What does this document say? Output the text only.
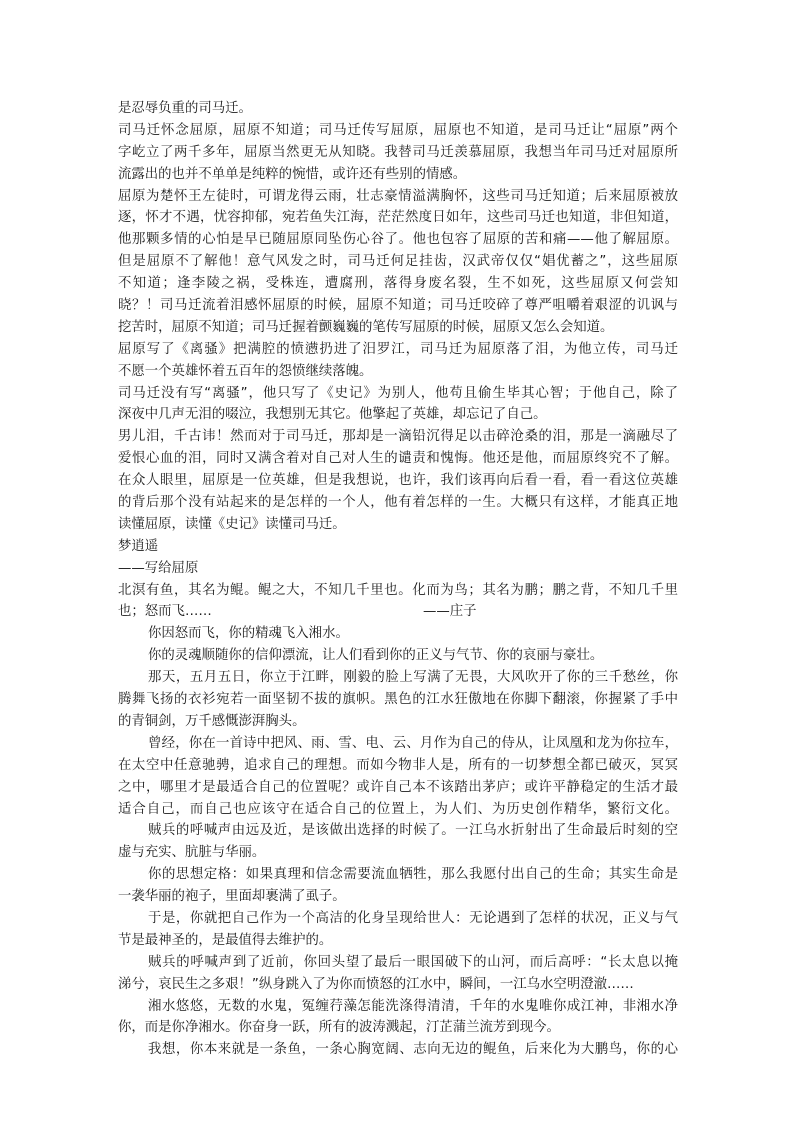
是忍辱负重的司马迁。
司马迁怀念屈原，屈原不知道；司马迁传写屈原，屈原也不知道，是司马迁让“屈原”两个
字屹立了两千多年，屈原当然更无从知晓。我替司马迁羡慕屈原，我想当年司马迁对屈原所
流露出的也并不单单是纯粹的惋惜，或许还有些别的情感。
屈原为楚怀王左徒时，可谓龙得云雨，壮志豪情溢满胸怀，这些司马迁知道；后来屈原被放
逐，怀才不遇，忧容抑郁，宛若鱼失江海，茫茫然度日如年，这些司马迁也知道，非但知道，
他那颗多情的心怕是早已随屈原同坠伤心谷了。他也包容了屈原的苦和痛——他了解屈原。
但是屈原不了解他！意气风发之时，司马迁何足挂齿，汉武帝仅仅“娼优蓄之”，这些屈原
不知道；逢李陵之祸，受株连，遭腐刑，落得身废名裂，生不如死，这些屈原又何尝知
晓？！司马迁流着泪感怀屈原的时候，屈原不知道；司马迁咬碎了尊严咀嚼着艰涩的讥讽与
挖苦时，屈原不知道；司马迁握着颤巍巍的笔传写屈原的时候，屈原又怎么会知道。
屈原写了《离骚》把满腔的愤懑扔进了汨罗江，司马迁为屈原落了泪，为他立传，司马迁
不愿一个英雄怀着五百年的怨愤继续落魄。
司马迁没有写“离骚”，他只写了《史记》为别人，他苟且偷生毕其心智；于他自己，除了
深夜中几声无泪的啜泣，我想别无其它。他擎起了英雄，却忘记了自己。
男儿泪，千古讳！然而对于司马迁，那却是一滴铅沉得足以击碎沧桑的泪，那是一滴融尽了
爱恨心血的泪，同时又满含着对自己对人生的谴责和愧悔。他还是他，而屈原终究不了解。
在众人眼里，屈原是一位英雄，但是我想说，也许，我们该再向后看一看，看一看这位英雄
的背后那个没有站起来的是怎样的一个人，他有着怎样的一生。大概只有这样，才能真正地
读懂屈原，读懂《史记》读懂司马迁。
梦逍遥
——写给屈原
北溟有鱼，其名为鲲。鲲之大，不知几千里也。化而为鸟；其名为鹏；鹏之背，不知几千里
也；怒而飞……	——庄子
你因怒而飞，你的精魂飞入湘水。
你的灵魂顺随你的信仰漂流，让人们看到你的正义与气节、你的哀丽与豪壮。
那天，五月五日，你立于江畔，刚毅的脸上写满了无畏，大风吹开了你的三千愁丝，你
腾舞飞扬的衣衫宛若一面坚韧不拔的旗帜。黑色的江水狂傲地在你脚下翻滚，你握紧了手中
的青铜剑，万千感慨澎湃胸头。
曾经，你在一首诗中把风、雨、雪、电、云、月作为自己的侍从，让凤凰和龙为你拉车，
在太空中任意驰骋，追求自己的理想。而如今物非人是，所有的一切梦想全都已破灭，冥冥
之中，哪里才是最适合自己的位置呢？或许自己本不该踏出茅庐；或许平静稳定的生活才最
适合自己，而自己也应该守在适合自己的位置上，为人们、为历史创作精华，繁衍文化。
贼兵的呼喊声由远及近，是该做出选择的时候了。一江乌水折射出了生命最后时刻的空
虚与充实、肮脏与华丽。
你的思想定格：如果真理和信念需要流血牺牲，那么我愿付出自己的生命；其实生命是
一袭华丽的袍子，里面却裹满了虱子。
于是，你就把自己作为一个高洁的化身呈现给世人：无论遇到了怎样的状况，正义与气
节是最神圣的，是最值得去维护的。
贼兵的呼喊声到了近前，你回头望了最后一眼国破下的山河，而后高呼：“长太息以掩
涕兮，哀民生之多艰！”纵身跳入了为你而愤怒的江水中，瞬间，一江乌水空明澄澈……
湘水悠悠，无数的水鬼，冤缠荇藻怎能洗涤得清清，千年的水鬼唯你成江神，非湘水净
你，而是你净湘水。你奋身一跃，所有的波涛溅起，汀芷蒲兰流芳到现今。
我想，你本来就是一条鱼，一条心胸宽阔、志向无边的鲲鱼，后来化为大鹏鸟，你的心
